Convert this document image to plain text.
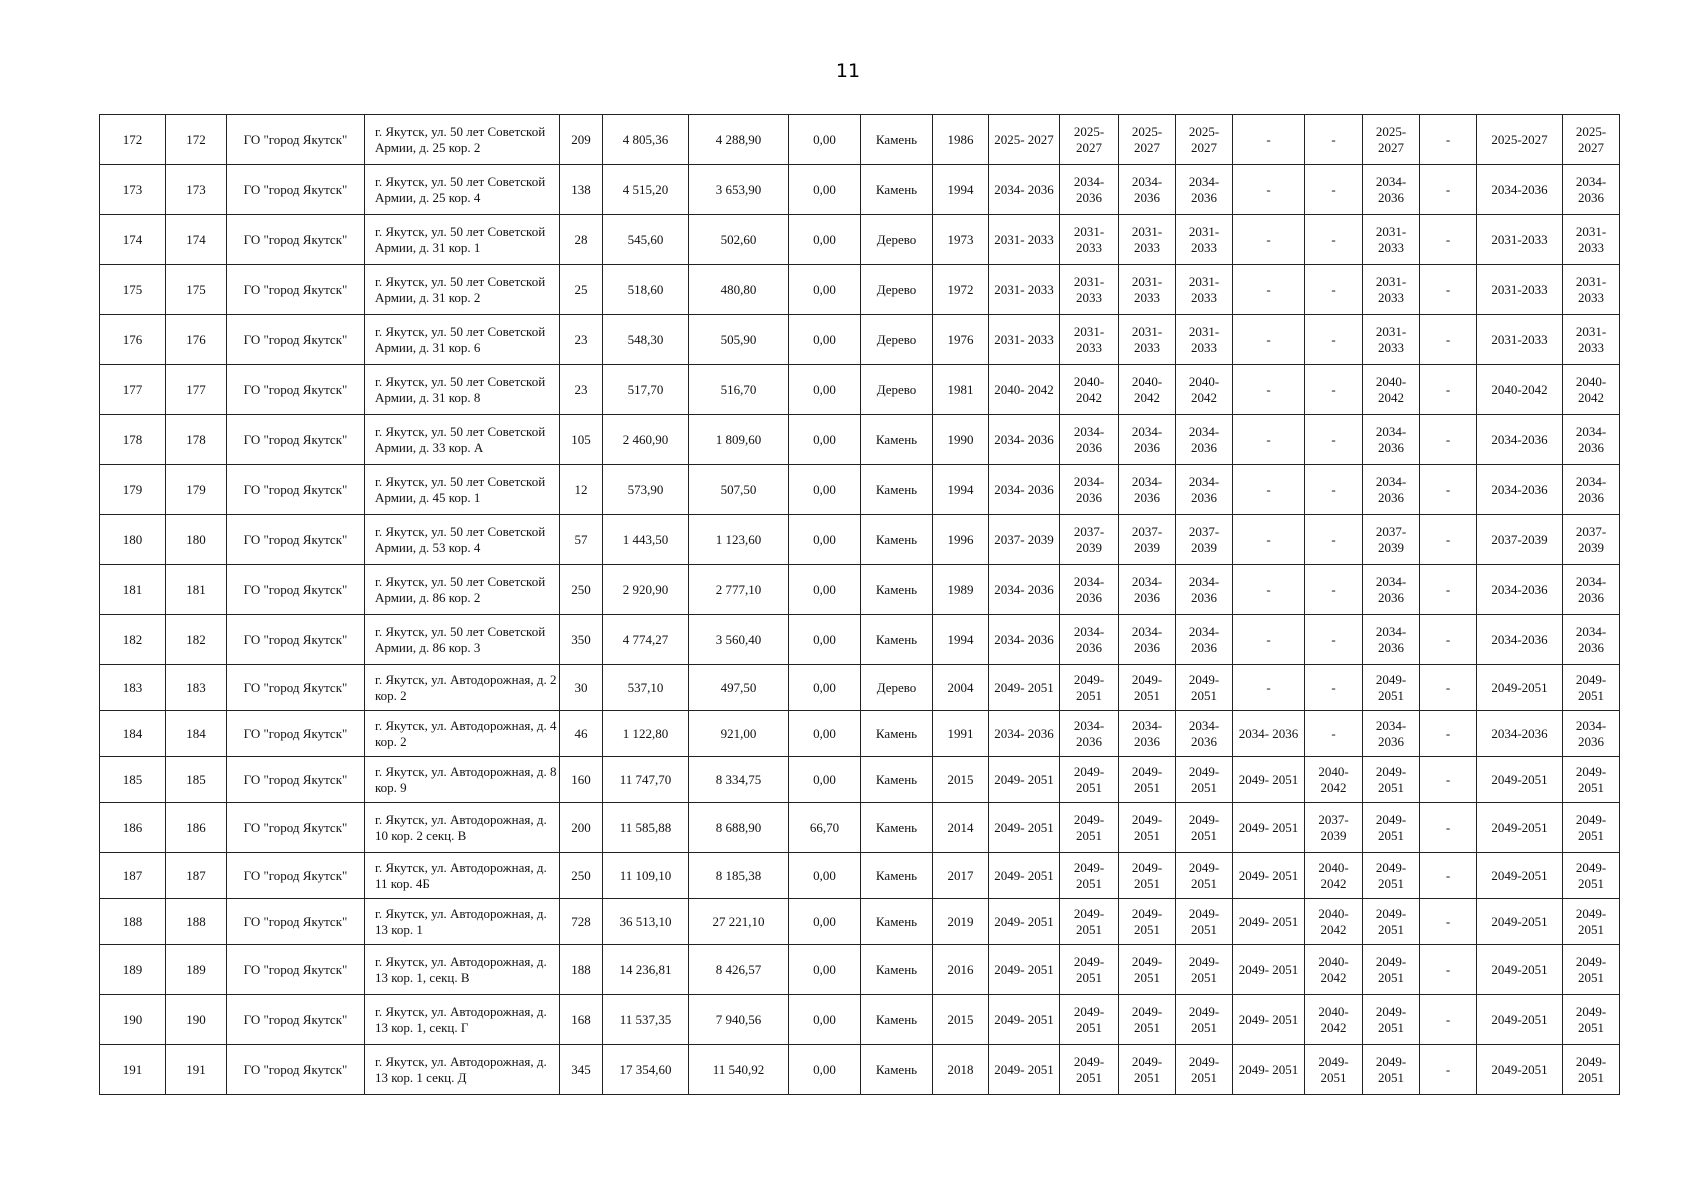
11
172	172	ГО "город Якутск"	г. Якутск, ул. 50 лет Советской Армии, д. 25 кор. 2	209	4 805,36	4 288,90	0,00	Камень	1986	2025- 2027	2025- 2027	2025- 2027	2025- 2027	-	-	2025- 2027	-	2025-2027	2025- 2027
173	173	ГО "город Якутск"	г. Якутск, ул. 50 лет Советской Армии, д. 25 кор. 4	138	4 515,20	3 653,90	0,00	Камень	1994	2034- 2036	2034- 2036	2034- 2036	2034- 2036	-	-	2034- 2036	-	2034-2036	2034- 2036
174	174	ГО "город Якутск"	г. Якутск, ул. 50 лет Советской Армии, д. 31 кор. 1	28	545,60	502,60	0,00	Дерево	1973	2031- 2033	2031- 2033	2031- 2033	2031- 2033	-	-	2031- 2033	-	2031-2033	2031- 2033
175	175	ГО "город Якутск"	г. Якутск, ул. 50 лет Советской Армии, д. 31 кор. 2	25	518,60	480,80	0,00	Дерево	1972	2031- 2033	2031- 2033	2031- 2033	2031- 2033	-	-	2031- 2033	-	2031-2033	2031- 2033
176	176	ГО "город Якутск"	г. Якутск, ул. 50 лет Советской Армии, д. 31 кор. 6	23	548,30	505,90	0,00	Дерево	1976	2031- 2033	2031- 2033	2031- 2033	2031- 2033	-	-	2031- 2033	-	2031-2033	2031- 2033
177	177	ГО "город Якутск"	г. Якутск, ул. 50 лет Советской Армии, д. 31 кор. 8	23	517,70	516,70	0,00	Дерево	1981	2040- 2042	2040- 2042	2040- 2042	2040- 2042	-	-	2040- 2042	-	2040-2042	2040- 2042
178	178	ГО "город Якутск"	г. Якутск, ул. 50 лет Советской Армии, д. 33 кор. А	105	2 460,90	1 809,60	0,00	Камень	1990	2034- 2036	2034- 2036	2034- 2036	2034- 2036	-	-	2034- 2036	-	2034-2036	2034- 2036
179	179	ГО "город Якутск"	г. Якутск, ул. 50 лет Советской Армии, д. 45 кор. 1	12	573,90	507,50	0,00	Камень	1994	2034- 2036	2034- 2036	2034- 2036	2034- 2036	-	-	2034- 2036	-	2034-2036	2034- 2036
180	180	ГО "город Якутск"	г. Якутск, ул. 50 лет Советской Армии, д. 53 кор. 4	57	1 443,50	1 123,60	0,00	Камень	1996	2037- 2039	2037- 2039	2037- 2039	2037- 2039	-	-	2037- 2039	-	2037-2039	2037- 2039
181	181	ГО "город Якутск"	г. Якутск, ул. 50 лет Советской Армии, д. 86 кор. 2	250	2 920,90	2 777,10	0,00	Камень	1989	2034- 2036	2034- 2036	2034- 2036	2034- 2036	-	-	2034- 2036	-	2034-2036	2034- 2036
182	182	ГО "город Якутск"	г. Якутск, ул. 50 лет Советской Армии, д. 86 кор. 3	350	4 774,27	3 560,40	0,00	Камень	1994	2034- 2036	2034- 2036	2034- 2036	2034- 2036	-	-	2034- 2036	-	2034-2036	2034- 2036
183	183	ГО "город Якутск"	г. Якутск, ул. Автодорожная, д. 2 кор. 2	30	537,10	497,50	0,00	Дерево	2004	2049- 2051	2049- 2051	2049- 2051	2049- 2051	-	-	2049- 2051	-	2049-2051	2049- 2051
184	184	ГО "город Якутск"	г. Якутск, ул. Автодорожная, д. 4 кор. 2	46	1 122,80	921,00	0,00	Камень	1991	2034- 2036	2034- 2036	2034- 2036	2034- 2036	2034- 2036	-	2034- 2036	-	2034-2036	2034- 2036
185	185	ГО "город Якутск"	г. Якутск, ул. Автодорожная, д. 8 кор. 9	160	11 747,70	8 334,75	0,00	Камень	2015	2049- 2051	2049- 2051	2049- 2051	2049- 2051	2049- 2051	2040- 2042	2049- 2051	-	2049-2051	2049- 2051
186	186	ГО "город Якутск"	г. Якутск, ул. Автодорожная, д. 10 кор. 2 секц. В	200	11 585,88	8 688,90	66,70	Камень	2014	2049- 2051	2049- 2051	2049- 2051	2049- 2051	2049- 2051	2037- 2039	2049- 2051	-	2049-2051	2049- 2051
187	187	ГО "город Якутск"	г. Якутск, ул. Автодорожная, д. 11 кор. 4Б	250	11 109,10	8 185,38	0,00	Камень	2017	2049- 2051	2049- 2051	2049- 2051	2049- 2051	2049- 2051	2040- 2042	2049- 2051	-	2049-2051	2049- 2051
188	188	ГО "город Якутск"	г. Якутск, ул. Автодорожная, д. 13 кор. 1	728	36 513,10	27 221,10	0,00	Камень	2019	2049- 2051	2049- 2051	2049- 2051	2049- 2051	2049- 2051	2040- 2042	2049- 2051	-	2049-2051	2049- 2051
189	189	ГО "город Якутск"	г. Якутск, ул. Автодорожная, д. 13 кор. 1, секц. В	188	14 236,81	8 426,57	0,00	Камень	2016	2049- 2051	2049- 2051	2049- 2051	2049- 2051	2049- 2051	2040- 2042	2049- 2051	-	2049-2051	2049- 2051
190	190	ГО "город Якутск"	г. Якутск, ул. Автодорожная, д. 13 кор. 1, секц. Г	168	11 537,35	7 940,56	0,00	Камень	2015	2049- 2051	2049- 2051	2049- 2051	2049- 2051	2049- 2051	2040- 2042	2049- 2051	-	2049-2051	2049- 2051
191	191	ГО "город Якутск"	г. Якутск, ул. Автодорожная, д. 13 кор. 1 секц. Д	345	17 354,60	11 540,92	0,00	Камень	2018	2049- 2051	2049- 2051	2049- 2051	2049- 2051	2049- 2051	2049- 2051	2049- 2051	-	2049-2051	2049- 2051
